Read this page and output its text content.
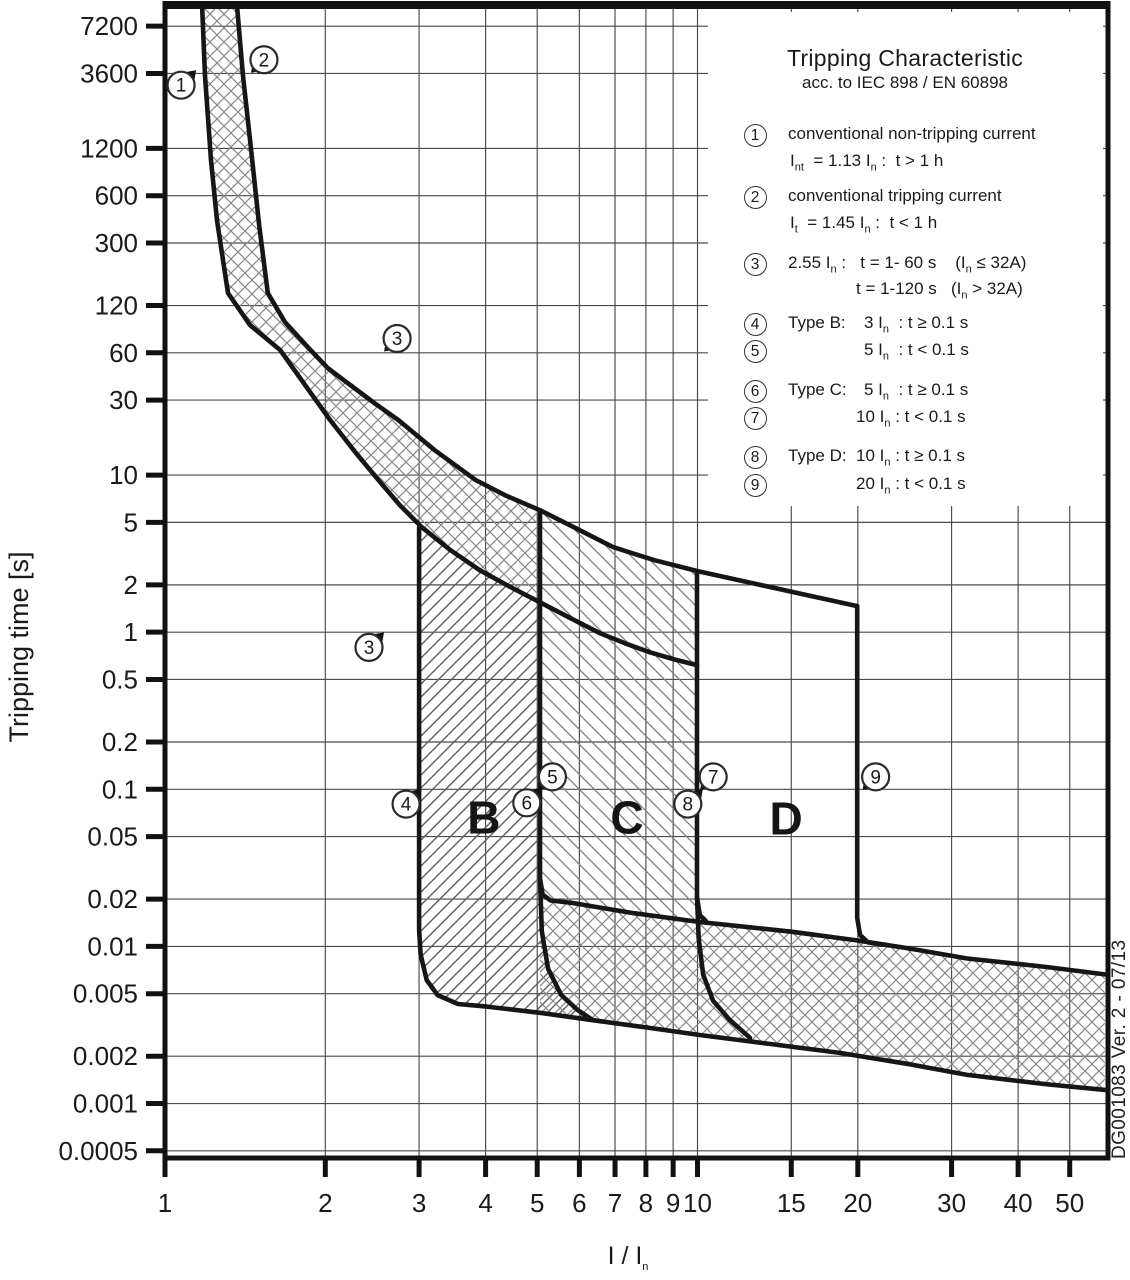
1	2	3 4 5 6 7 8 9 10 15 20 30 40 50
7200
3600
1200
600
300
120
60
30
10
5
2
1
0.5
0.2
0.1
0.05
0.02
0.01
0.005
0.002
0.001
0.0005
B C	D
1
2
3
3
4
5
6
7
8
9
Tripping Characteristic
acc. to IEC 898 / EN 60898
Tripping time [s]
I / $I_n$
1	conventional non-tripping current
$I_{nt} = 1.13$ $I_n$ :  t > 1 h
2	conventional tripping current
$I_t = 1.45$ $I_n$ :  t < 1 h
3	2.55 $I_n$ :   t = 1- 60 s    $(I_n \le 32A)$
t = 1-120 s   $(I_n > 32A)$
4	Type B: 3 $I_n$  : t ≥ 0.1 s
5	5 $I_n$  : t < 0.1 s
6	Type C: 5 $I_n$  : t ≥ 0.1 s
7	10 $I_n$ : t < 0.1 s
8	Type D: 10 $I_n$ : t ≥ 0.1 s
9	20 $I_n$ : t < 0.1 s
DG001083 Ver. 2 - 07/13
